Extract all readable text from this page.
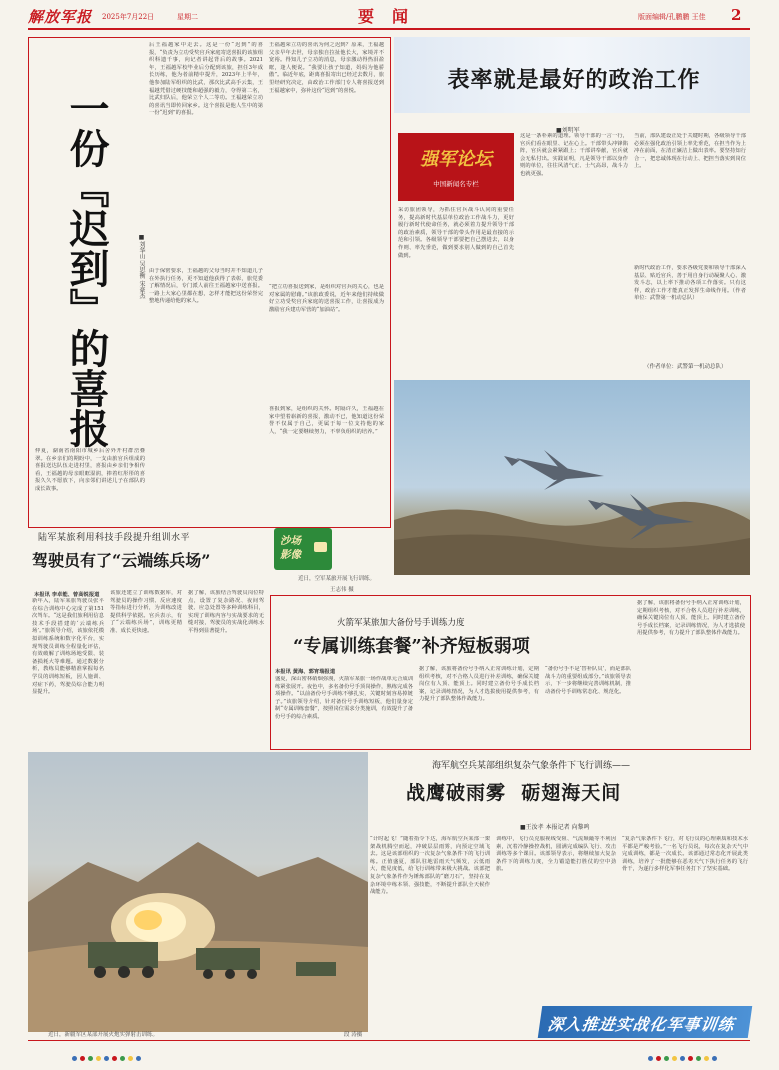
解放军报 2025年7月22日	星期二	要闻	版面编辑/孔鹏鹏 王佳 2
一份『迟到』的喜报	■刘华山 吴思衡 宋豪杰
后王福越家中走去。这是一份“迟到”的喜报，“负责为立功受奖官兵家庭寄送喜报的该旅组织科遗千事，向记者讲起背后的故事。2021年，王福越军校毕业后分配到该旅，担任3年成长历练，他为者前精中提升，2023年上半年，他参加陆军组织的比武，那次比武高手云集，王福越凭借过硬技能和超强的毅力，夺得第二名，比武归队后，他荣立个人二等功。王福越荣立功的喜讯当即传回家乡。这个喜报是他人生中的第一份“迟到”的喜报。
由于保密要求，王福越的父母当时并不知道儿子在外执行任务，更不知道他获得了表彰，旅党委了解情况后，专门派人前往王福越家中送喜报。一路上大家心里都在想，怎样才能把这份荣誉完整地传递给他的家人。
王福越荣立功的喜讯为何之迟到？原来，王福越父亲早年去世，母亲独自拉扯他长大，家境并不宽裕。得知儿子立功的消息，母亲激动得热泪盈眶，逢人便说。“我要让孩子知道，妈妈为他骄傲”。临近年底，距离喜报寄出已经过去数月，旅里经研究决定，由政治工作部门专人将喜报送到王福越家中，弥补这份“迟到”的喜悦。
“把立功喜报送到家，是组织对官兵的关心，也是对家属的慰藉。”该旅政委说，近年来他们持续做好立功受奖官兵家庭的送喜报工作，让喜报成为激励官兵建功军营的“加油站”。
喜报到家，是组织的关怀。时隔许久，王福越在家中望着崭新的喜报，激动不已，他知道这份荣誉不仅属于自己，更属于每一位支持他的家人，“我一定要继续努力，不辜负组织的培养。”
仲夏，湖南省南阳市城乡后舍外开村群峦叠翠。在乡亲们的期盼中，一支由旅官兵组成的喜报送达队伍走进村里，喜报由乡亲们争相传看，王福越的母亲眼眶湿润，捧着红彤彤的喜报久久不愿放下，向亲邻们讲述儿子在部队的成长故事。
表率就是最好的政治工作
■刘明军
强军论坛
中国新闻名专栏
采访旅团领导，为抓住官兵战斗认同的重要任务，提高新时代基层单位政治工作战斗力，更好履行新时代使命任务，就必须着力提升领导干部的政治素质，领导干部的带头作用是最直接的示范和引领。各级领导干部要把自己摆进去，以身作则、率先垂范，做到要求别人做到的自己首先做到。
这是一条朴素的道理。领导干部的一言一行，官兵们看在眼里、记在心上。干部带头冲锋陷阵，官兵就会紧紧跟上；干部讲奉献，官兵就会无私付出。实践证明，凡是领导干部以身作则的单位，往往风清气正、士气高昂，战斗力也就更强。
当前，部队建设正处于关键时期，各级领导干部必须在强化政治引领上率先垂范，在担当作为上冲在前面，在清正廉洁上做出表率。要坚持知行合一，把忠诚体现在行动上、把担当落实到岗位上。
新时代政治工作，要求各级党委和领导干部深入基层、贴近官兵，善于用自身行动凝聚人心、激发斗志，以上率下推动各项工作落实。只有这样，政治工作才能真正发挥生命线作用。（作者单位：武警第一机动总队）
（作者单位：武警第一机动总队）
近日，空军某旅开展飞行训练。
王志伟 摄
陆军某旅利用科技手段提升组训水平
驾驶员有了“云端练兵场”
本报讯 李卓能、曾高锐报道
新年入，陆军某旅驾驶员张平在综合训练中心完成了第151次驾车。“这是我们旅利用信息技术手段搭建的‘云端练兵场’。”旅领导介绍，该旅依托模拟训练系统和数字化平台，实现驾驶员训练全程量化评估，有效破解了训练场地受限、装备损耗大等难题。通过数据分析，教练员能够精准掌握每名学员的训练短板，因人施训、对症下药，驾驶员综合能力明显提升。
该旅还建立了训练数据库，对驾驶员的操作习惯、反应速度等指标进行分析，为训练改进提供科学依据。官兵表示，有了“云端练兵场”，训练更精准、成长更快速。
据了解，该旅结合驾驶员岗位特点，设置了复杂路况、夜间驾驶、应急处置等多种训练科目，实现了训练内容与实战要求的无缝对接，驾驶员的实战化训练水平得到显著提升。
沙场影像
火箭军某旅加大备份号手训练力度
“专属训练套餐”补齐短板弱项
本报讯 黄海、郭宵瑞报道
盛夏，深山密林硝烟弥漫，火箭军某旅一场作战单元合成训练紧张展开。夜色中，多名备份号手顶岗操作，熟练完成各项操作。“以前备份号手训练不够扎实，关键时刻容易掉链子。”该旅领导介绍，针对备份号手训练短板，他们量身定制“专属训练套餐”，按照岗位需求分类施训，有效提升了备份号手的综合素质。
据了解，该旅将备份号手纳入正常训练计划，定期组织考核，对不合格人员进行补差训练，确保关键岗位有人顶、能顶上。同时建立备份号手成长档案，记录训练情况，为人才选拔使用提供参考，有力提升了部队整体作战能力。
“备份号手不是‘替补队员’，而是部队战斗力的重要组成部分。”该旅领导表示，下一步将继续完善训练机制，推动备份号手训练常态化、规范化。
据了解，该旅将备份号手纳入正常训练计划，定期组织考核，对不合格人员进行补差训练，确保关键岗位有人顶、能顶上。同时建立备份号手成长档案，记录训练情况，为人才选拔使用提供参考，有力提升了部队整体作战能力。
近日，新疆军区某部开展火炮实弹射击训练。	段 涛摄
海军航空兵某部组织复杂气象条件下飞行训练——
战鹰破雨雾  砺翅海天间
■王汝孝 本报记者 向黎鸣
“计时起飞！”随着指令下达，海军航空兵某部一架架战机腾空而起，冲破层层雨雾，向预定空域飞去。这是该部组织的一次复杂气象条件下的飞行训练。正值盛夏，部队驻地雷雨天气频发，云低雨大，能见度低，给飞行训练带来极大挑战。该部把复杂气象条件作为锤炼部队的“磨刀石”，坚持在复杂环境中练本领、强技能，不断提升部队全天候作战能力。
训练中，飞行员克服视线受阻、气流颠簸等不利因素，沉着冷静操控战机，圆满完成编队飞行、攻击训练等多个课目。该部领导表示，将继续加大复杂条件下的训练力度，全力锻造能打胜仗的空中劲旅。
“复杂气象条件下飞行，对飞行员的心理素质和技术水平都是严峻考验。”一名飞行员说，每次在复杂天气中完成训练，都是一次成长。该部通过常态化开展此类训练，培养了一批能够在恶劣天气下执行任务的飞行骨干，为遂行多样化军事任务打下了坚实基础。
深入推进实战化军事训练
